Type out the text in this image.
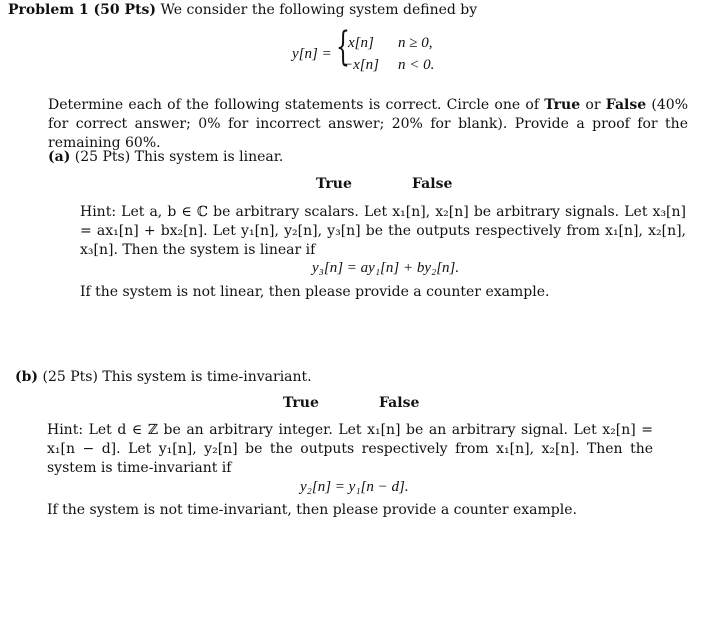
Problem 1 (50 Pts) We consider the following system defined by
y[n] = {
x[n] n ≥ 0,
−x[n] n < 0.
Determine each of the following statements is correct. Circle one of True or False (40% for correct answer; 0% for incorrect answer; 20% for blank). Provide a proof for the remaining 60%.
(a) (25 Pts) This system is linear.
True	False
Hint: Let a, b ∈ ℂ be arbitrary scalars. Let x₁[n], x₂[n] be arbitrary signals. Let x₃[n] = ax₁[n] + bx₂[n]. Let y₁[n], y₂[n], y₃[n] be the outputs respectively from x₁[n], x₂[n], x₃[n]. Then the system is linear if
y₃[n] = ay₁[n] + by₂[n].
If the system is not linear, then please provide a counter example.
(b) (25 Pts) This system is time-invariant.
True	False
Hint: Let d ∈ ℤ be an arbitrary integer. Let x₁[n] be an arbitrary signal. Let x₂[n] = x₁[n − d]. Let y₁[n], y₂[n] be the outputs respectively from x₁[n], x₂[n]. Then the system is time-invariant if
y₂[n] = y₁[n − d].
If the system is not time-invariant, then please provide a counter example.
